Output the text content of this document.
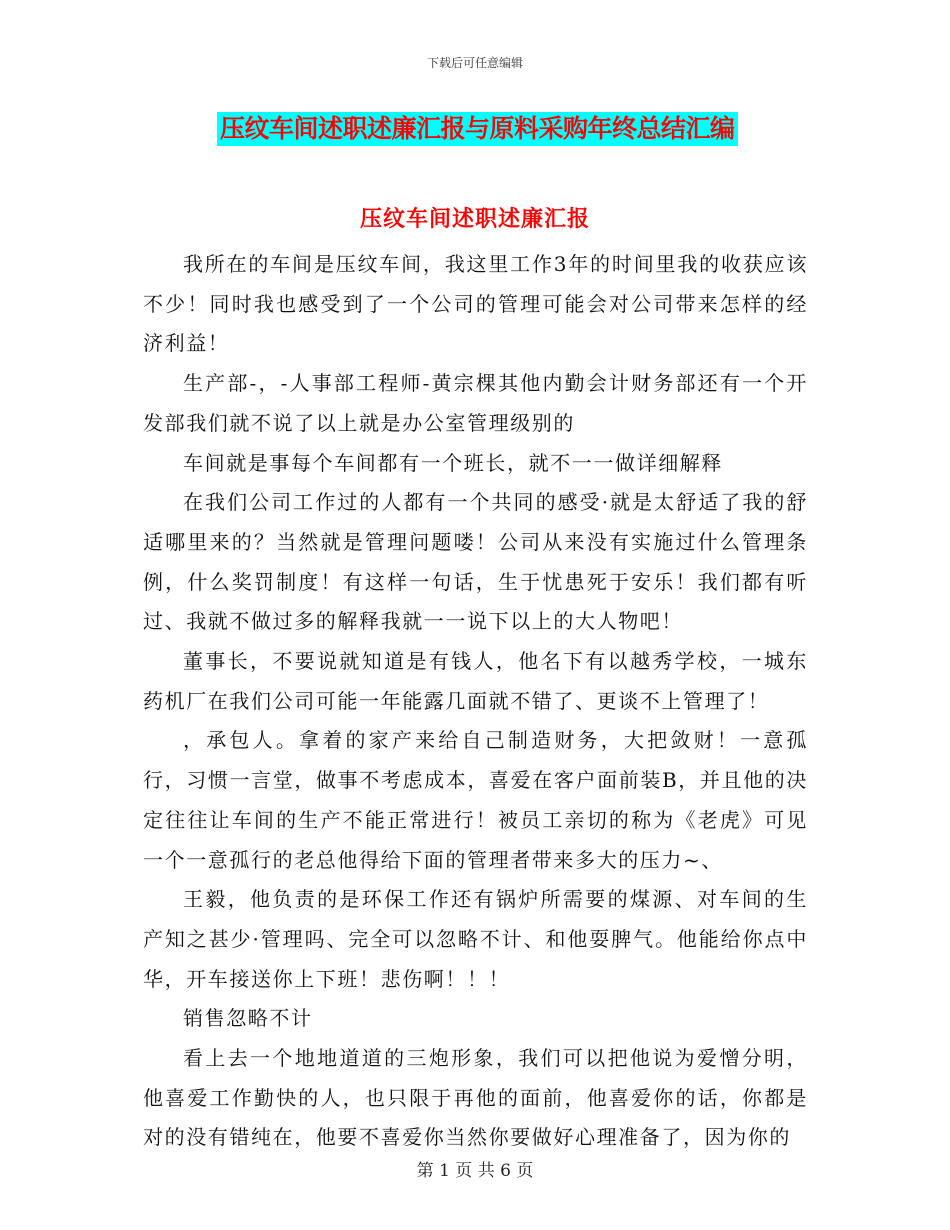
下载后可任意编辑
压纹车间述职述廉汇报与原料采购年终总结汇编
压纹车间述职述廉汇报

我所在的车间是压纹车间，我这里工作3年的时间里我的收获应该不少！同时我也感受到了一个公司的管理可能会对公司带来怎样的经济利益！

生产部-，-人事部工程师-黄宗棵其他内勤会计财务部还有一个开发部我们就不说了以上就是办公室管理级别的

车间就是事每个车间都有一个班长，就不一一做详细解释

在我们公司工作过的人都有一个共同的感受·就是太舒适了我的舒适哪里来的？当然就是管理问题喽！公司从来没有实施过什么管理条例，什么奖罚制度！有这样一句话，生于忧患死于安乐！我们都有听过、我就不做过多的解释我就一一说下以上的大人物吧！

董事长，不要说就知道是有钱人，他名下有以越秀学校，一城东药机厂在我们公司可能一年能露几面就不错了、更谈不上管理了！

，承包人。拿着的家产来给自己制造财务，大把敛财！一意孤行，习惯一言堂，做事不考虑成本，喜爱在客户面前装B，并且他的决定往往让车间的生产不能正常进行！被员工亲切的称为《老虎》可见一个一意孤行的老总他得给下面的管理者带来多大的压力~、

王毅，他负责的是环保工作还有锅炉所需要的煤源、对车间的生产知之甚少·管理吗、完全可以忽略不计、和他耍脾气。他能给你点中华，开车接送你上下班！悲伤啊！！！

销售忽略不计

看上去一个地地道道的三炮形象，我们可以把他说为爱憎分明，他喜爱工作勤快的人，也只限于再他的面前，他喜爱你的话，你都是对的没有错纯在，他要不喜爱你当然你要做好心理准备了，因为你的

第 1 页 共 6 页
